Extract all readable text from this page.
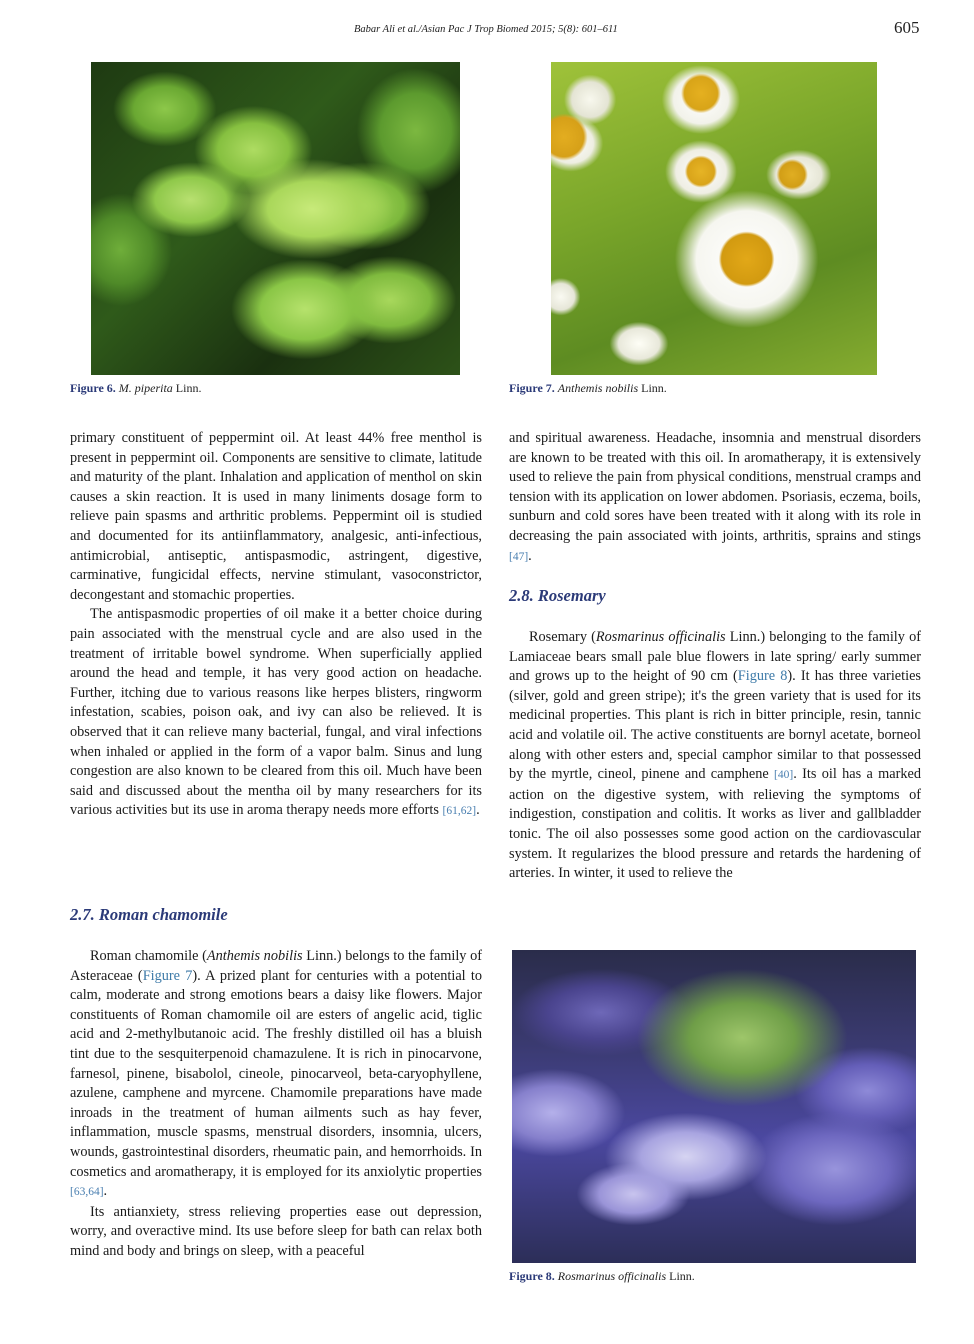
Babar Ali et al./Asian Pac J Trop Biomed 2015; 5(8): 601–611	605
Figure 6. M. piperita Linn.	Figure 7. Anthemis nobilis Linn.
Figure 8. Rosmarinus officinalis Linn.

primary constituent of peppermint oil. At least 44% free menthol is present in peppermint oil. Components are sensitive to climate, latitude and maturity of the plant. Inhalation and application of menthol on skin causes a skin reaction. It is used in many liniments dosage form to relieve pain spasms and arthritic problems. Peppermint oil is studied and documented for its antiinflammatory, analgesic, anti-infectious, antimicrobial, antiseptic, antispasmodic, astringent, digestive, carminative, fungicidal effects, nervine stimulant, vasoconstrictor, decongestant and stomachic properties.

The antispasmodic properties of oil make it a better choice during pain associated with the menstrual cycle and are also used in the treatment of irritable bowel syndrome. When superficially applied around the head and temple, it has very good action on headache. Further, itching due to various reasons like herpes blisters, ringworm infestation, scabies, poison oak, and ivy can also be relieved. It is observed that it can relieve many bacterial, fungal, and viral infections when inhaled or applied in the form of a vapor balm. Sinus and lung congestion are also known to be cleared from this oil. Much have been said and discussed about the mentha oil by many researchers for its various activities but its use in aroma therapy needs more efforts [61,62].

2.7. Roman chamomile

Roman chamomile (Anthemis nobilis Linn.) belongs to the family of Asteraceae (Figure 7). A prized plant for centuries with a potential to calm, moderate and strong emotions bears a daisy like flowers. Major constituents of Roman chamomile oil are esters of angelic acid, tiglic acid and 2-methylbutanoic acid. The freshly distilled oil has a bluish tint due to the sesquiterpenoid chamazulene. It is rich in pinocarvone, farnesol, pinene, bisabolol, cineole, pinocarveol, beta-caryophyllene, azulene, camphene and myrcene. Chamomile preparations have made inroads in the treatment of human ailments such as hay fever, inflammation, muscle spasms, menstrual disorders, insomnia, ulcers, wounds, gastrointestinal disorders, rheumatic pain, and hemorrhoids. In cosmetics and aromatherapy, it is employed for its anxiolytic properties [63,64].

Its antianxiety, stress relieving properties ease out depression, worry, and overactive mind. Its use before sleep for bath can relax both mind and body and brings on sleep, with a peaceful

and spiritual awareness. Headache, insomnia and menstrual disorders are known to be treated with this oil. In aromatherapy, it is extensively used to relieve the pain from physical conditions, menstrual cramps and tension with its application on lower abdomen. Psoriasis, eczema, boils, sunburn and cold sores have been treated with it along with its role in decreasing the pain associated with joints, arthritis, sprains and stings [47].

2.8. Rosemary

Rosemary (Rosmarinus officinalis Linn.) belonging to the family of Lamiaceae bears small pale blue flowers in late spring/ early summer and grows up to the height of 90 cm (Figure 8). It has three varieties (silver, gold and green stripe); it's the green variety that is used for its medicinal properties. This plant is rich in bitter principle, resin, tannic acid and volatile oil. The active constituents are bornyl acetate, borneol along with other esters and, special camphor similar to that possessed by the myrtle, cineol, pinene and camphene [40]. Its oil has a marked action on the digestive system, with relieving the symptoms of indigestion, constipation and colitis. It works as liver and gallbladder tonic. The oil also possesses some good action on the cardiovascular system. It regularizes the blood pressure and retards the hardening of arteries. In winter, it used to relieve the
